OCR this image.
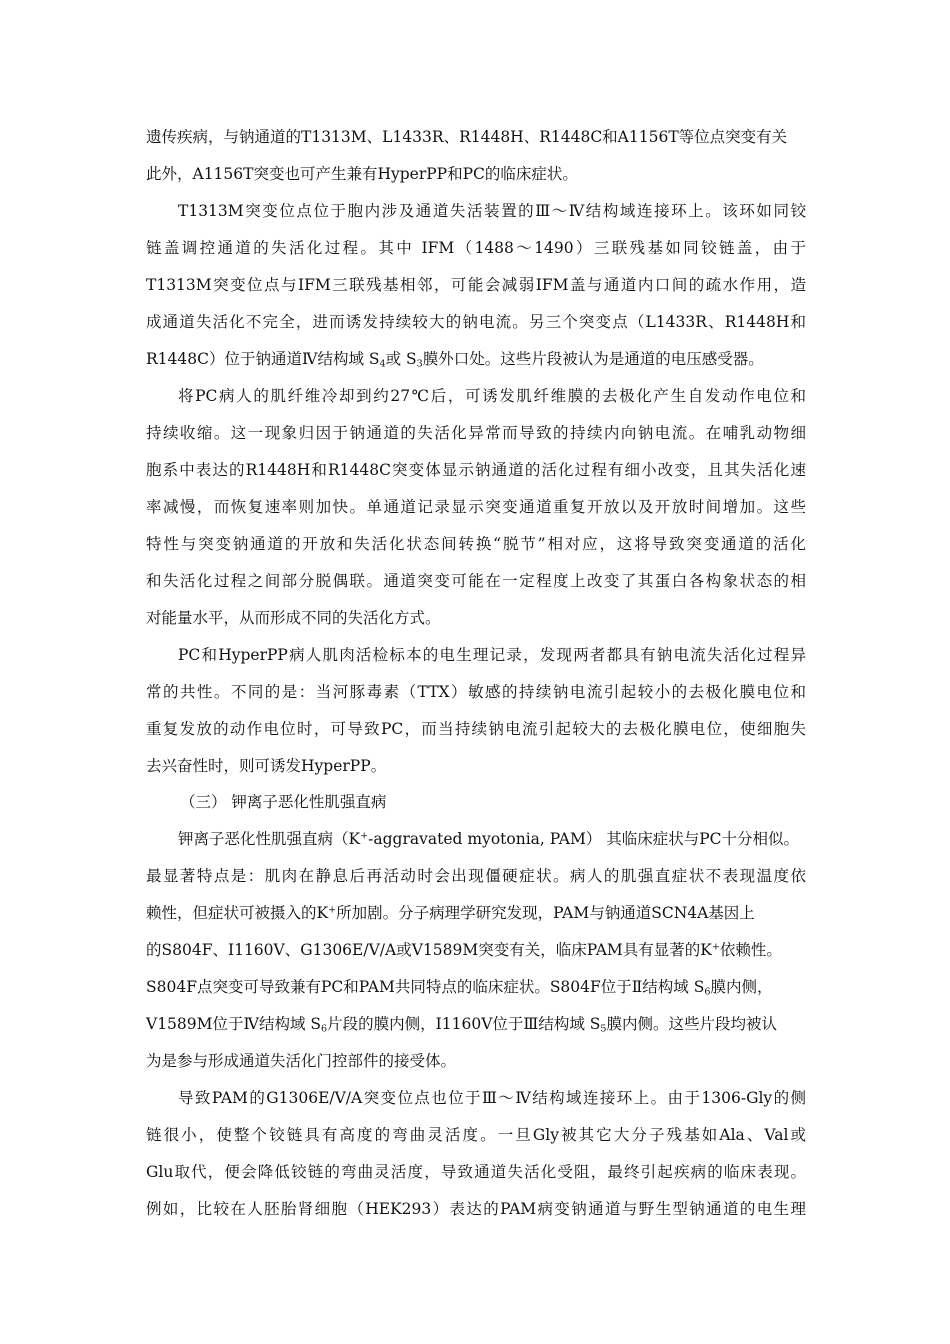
遗传疾病，与钠通道的T1313M、L1433R、R1448H、R1448C和A1156T等位点突变有关
此外，A1156T突变也可产生兼有HyperPP和PC的临床症状。
T1313M突变位点位于胞内涉及通道失活装置的Ⅲ～Ⅳ结构域连接环上。该环如同铰
链盖调控通道的失活化过程。其中 IFM（1488～1490）三联残基如同铰链盖，由于
T1313M突变位点与IFM三联残基相邻，可能会减弱IFM盖与通道内口间的疏水作用，造
成通道失活化不完全，进而诱发持续较大的钠电流。另三个突变点（L1433R、R1448H和
R1448C）位于钠通道Ⅳ结构域 $S_4$或 $S_3$膜外口处。这些片段被认为是通道的电压感受器。
将PC病人的肌纤维冷却到约27℃后，可诱发肌纤维膜的去极化产生自发动作电位和
持续收缩。这一现象归因于钠通道的失活化异常而导致的持续内向钠电流。在哺乳动物细
胞系中表达的R1448H和R1448C突变体显示钠通道的活化过程有细小改变，且其失活化速
率减慢，而恢复速率则加快。单通道记录显示突变通道重复开放以及开放时间增加。这些
特性与突变钠通道的开放和失活化状态间转换“脱节”相对应，这将导致突变通道的活化
和失活化过程之间部分脱偶联。通道突变可能在一定程度上改变了其蛋白各构象状态的相
对能量水平，从而形成不同的失活化方式。
PC和HyperPP病人肌肉活检标本的电生理记录，发现两者都具有钠电流失活化过程异
常的共性。不同的是：当河豚毒素（TTX）敏感的持续钠电流引起较小的去极化膜电位和
重复发放的动作电位时，可导致PC，而当持续钠电流引起较大的去极化膜电位，使细胞失
去兴奋性时，则可诱发HyperPP。
（三） 钾离子恶化性肌强直病
钾离子恶化性肌强直病（K+-aggravated myotonia, PAM） 其临床症状与PC十分相似。
最显著特点是：肌肉在静息后再活动时会出现僵硬症状。病人的肌强直症状不表现温度依
赖性，但症状可被摄入的K+所加剧。分子病理学研究发现，PAM与钠通道SCN4A基因上
的S804F、I1160V、G1306E/V/A或V1589M突变有关，临床PAM具有显著的K+依赖性。
S804F点突变可导致兼有PC和PAM共同特点的临床症状。S804F位于Ⅱ结构域 $S_6$膜内侧，
V1589M位于Ⅳ结构域 $S_6$片段的膜内侧，I1160V位于Ⅲ结构域 $S_5$膜内侧。这些片段均被认
为是参与形成通道失活化门控部件的接受体。
导致PAM的G1306E/V/A突变位点也位于Ⅲ～Ⅳ结构域连接环上。由于1306-Gly的侧
链很小，使整个铰链具有高度的弯曲灵活度。一旦Gly被其它大分子残基如Ala、Val或
Glu取代，便会降低铰链的弯曲灵活度，导致通道失活化受阻，最终引起疾病的临床表现。
例如，比较在人胚胎肾细胞（HEK293）表达的PAM病变钠通道与野生型钠通道的电生理
